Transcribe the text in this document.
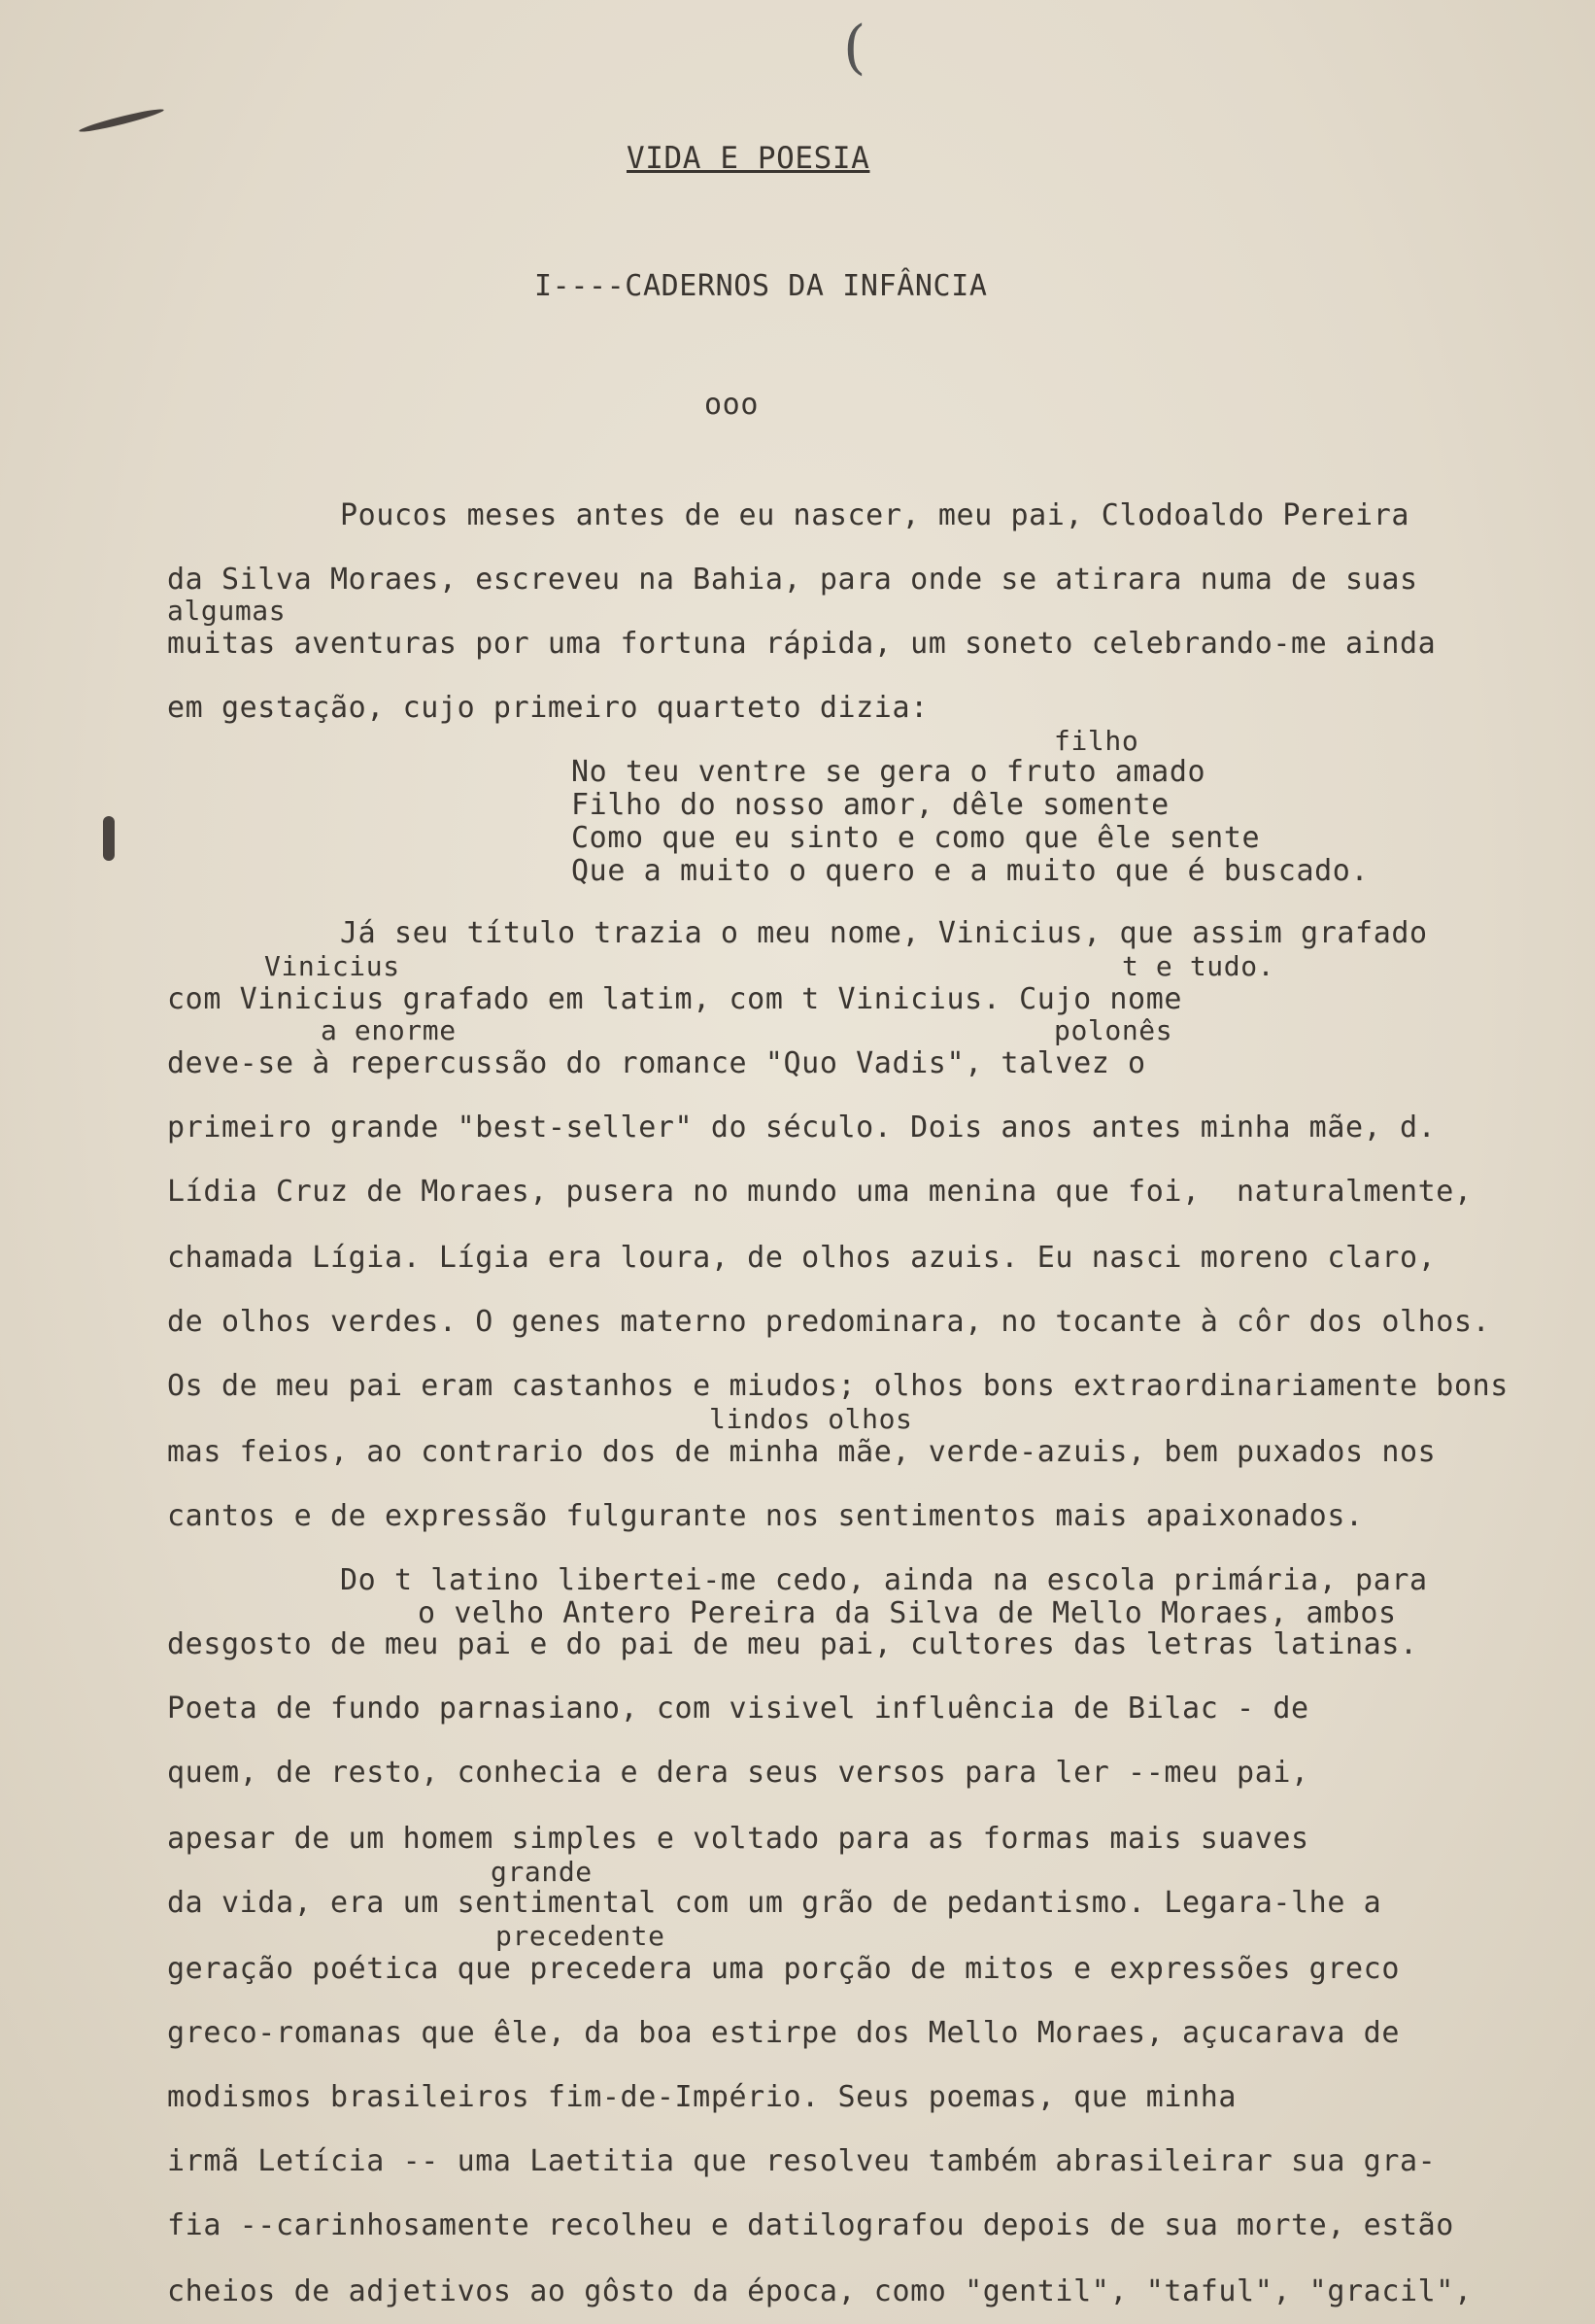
(
VIDA E POESIA
I----CADERNOS DA INFÂNCIA
ooo
Poucos meses antes de eu nascer, meu pai, Clodoaldo Pereira
da Silva Moraes, escreveu na Bahia, para onde se atirara numa de suas
algumas
muitas aventuras por uma fortuna rápida, um soneto celebrando-me ainda
em gestação, cujo primeiro quarteto dizia:
filho
No teu ventre se gera o fruto amado
Filho do nosso amor, dêle somente
Como que eu sinto e como que êle sente
Que a muito o quero e a muito que é buscado.
Já seu título trazia o meu nome, Vinicius, que assim grafado
Vinicius	t e tudo.
com Vinicius grafado em latim, com t Vinicius. Cujo nome
a enorme	polonês
deve-se à repercussão do romance "Quo Vadis", talvez o
primeiro grande "best-seller" do século. Dois anos antes minha mãe, d.
Lídia Cruz de Moraes, pusera no mundo uma menina que foi,  naturalmente,
chamada Lígia. Lígia era loura, de olhos azuis. Eu nasci moreno claro,
de olhos verdes. O genes materno predominara, no tocante à côr dos olhos.
Os de meu pai eram castanhos e miudos; olhos bons extraordinariamente bons
lindos olhos
mas feios, ao contrario dos de minha mãe, verde-azuis, bem puxados nos
cantos e de expressão fulgurante nos sentimentos mais apaixonados.
Do t latino libertei-me cedo, ainda na escola primária, para
o velho Antero Pereira da Silva de Mello Moraes, ambos
desgosto de meu pai e do pai de meu pai, cultores das letras latinas.
Poeta de fundo parnasiano, com visivel influência de Bilac - de
quem, de resto, conhecia e dera seus versos para ler --meu pai,
apesar de um homem simples e voltado para as formas mais suaves
grande
da vida, era um sentimental com um grão de pedantismo. Legara-lhe a
precedente
geração poética que precedera uma porção de mitos e expressões greco
greco-romanas que êle, da boa estirpe dos Mello Moraes, açucarava de
modismos brasileiros fim-de-Império. Seus poemas, que minha
irmã Letícia -- uma Laetitia que resolveu também abrasileirar sua gra-
fia --carinhosamente recolheu e datilografou depois de sua morte, estão
cheios de adjetivos ao gôsto da época, como "gentil", "taful", "gracil",
